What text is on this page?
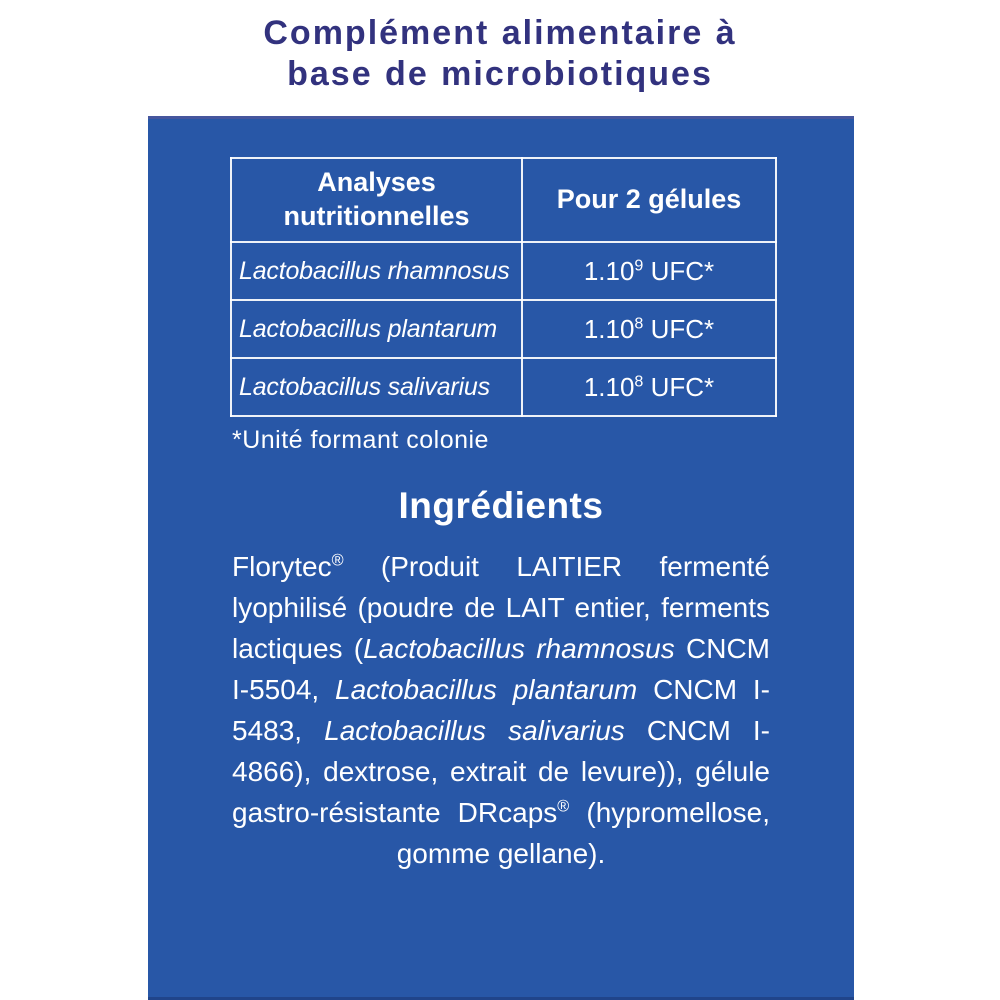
Complément alimentaire à
base de microbiotiques
Analyses nutritionnelles	Pour 2 gélules
Lactobacillus rhamnosus	1.10$^9$ UFC*
Lactobacillus plantarum	1.10$^8$ UFC*
Lactobacillus salivarius	1.10$^8$ UFC*

*Unité formant colonie

Ingrédients

Florytec® (Produit LAITIER fermenté lyophilisé (poudre de LAIT entier, ferments lactiques (Lactobacillus rhamnosus CNCM I-5504, Lactobacillus plantarum CNCM I-5483, Lactobacillus salivarius CNCM I-4866), dextrose, extrait de levure)), gélule gastro-résistante DRcaps® (hypromellose, gomme gellane).
